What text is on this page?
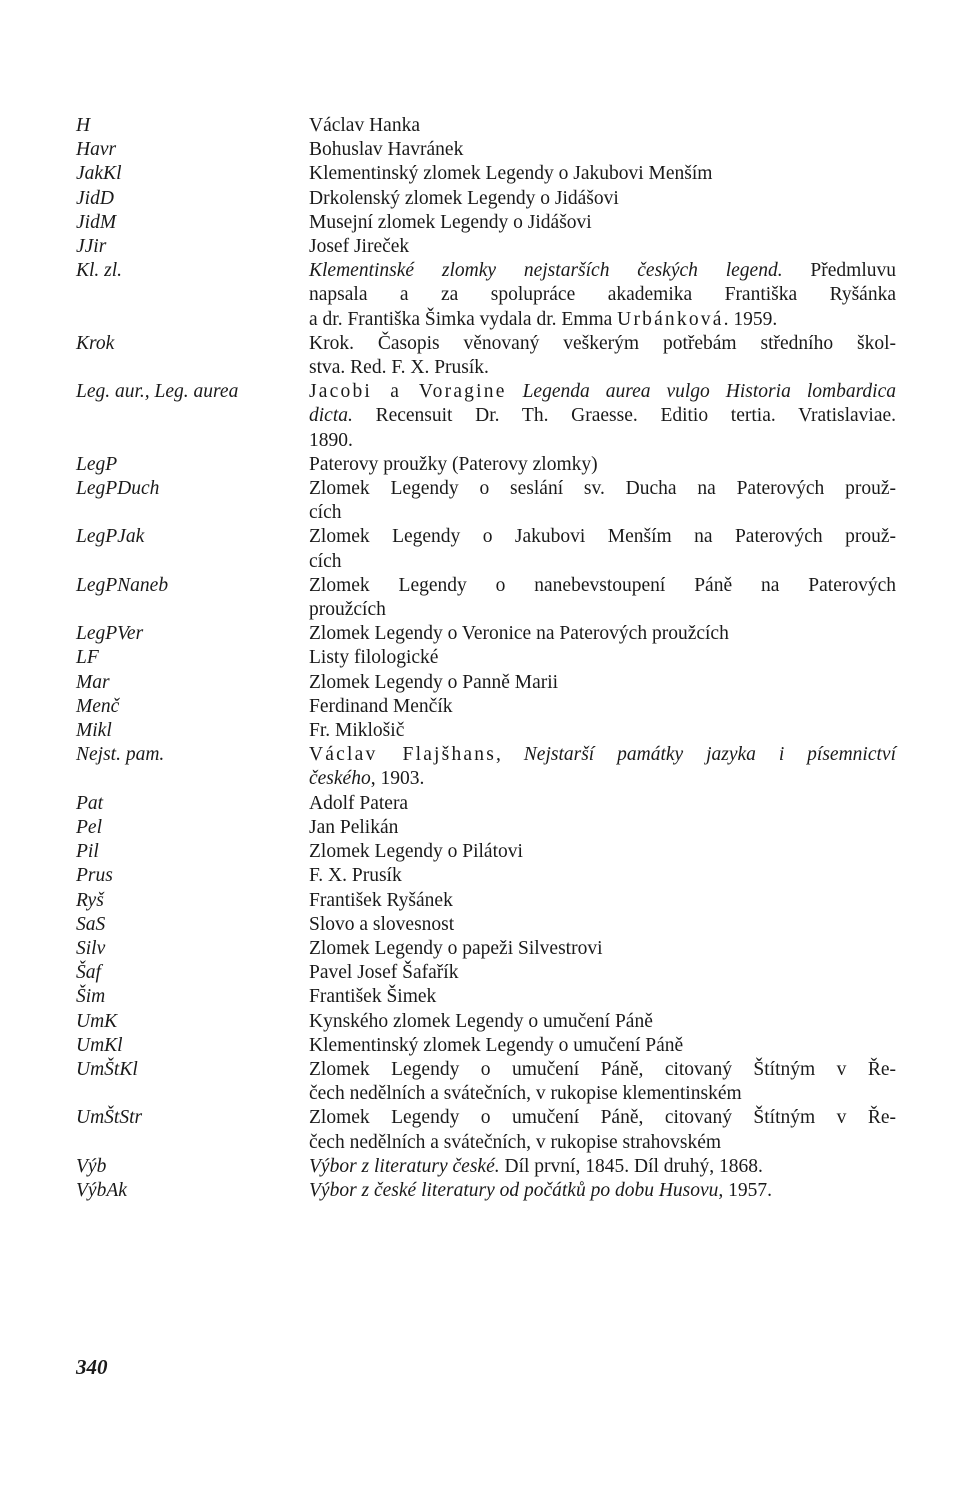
H	Václav Hanka
Havr	Bohuslav Havránek
JakKl	Klementinský zlomek Legendy o Jakubovi Menším
JidD	Drkolenský zlomek Legendy o Jidášovi
JidM	Musejní zlomek Legendy o Jidášovi
JJir	Josef Jireček
Kl. zl.	Klementinské zlomky nejstarších českých legend. Předmluvu
napsala a za spolupráce akademika Františka Ryšánka
a dr. Františka Šimka vydala dr. Emma Urbánková. 1959.
Krok	Krok. Časopis věnovaný veškerým potřebám středního škol-
stva. Red. F. X. Prusík.
Leg. aur., Leg. aurea	Jacobi a Voragine Legenda aurea vulgo Historia lombardica
dicta. Recensuit Dr. Th. Graesse. Editio tertia. Vratislaviae.
1890.
LegP	Paterovy proužky (Paterovy zlomky)
LegPDuch	Zlomek Legendy o seslání sv. Ducha na Paterových prouž-
cích
LegPJak	Zlomek Legendy o Jakubovi Menším na Paterových prouž-
cích
LegPNaneb	Zlomek Legendy o nanebevstoupení Páně na Paterových
proužcích
LegPVer	Zlomek Legendy o Veronice na Paterových proužcích
LF	Listy filologické
Mar	Zlomek Legendy o Panně Marii
Menč	Ferdinand Menčík
Mikl	Fr. Miklošič
Nejst. pam.	Václav Flajšhans, Nejstarší památky jazyka i písemnictví
českého, 1903.
Pat	Adolf Patera
Pel	Jan Pelikán
Pil	Zlomek Legendy o Pilátovi
Prus	F. X. Prusík
Ryš	František Ryšánek
SaS	Slovo a slovesnost
Silv	Zlomek Legendy o papeži Silvestrovi
Šaf	Pavel Josef Šafařík
Šim	František Šimek
UmK	Kynského zlomek Legendy o umučení Páně
UmKl	Klementinský zlomek Legendy o umučení Páně
UmŠtKl	Zlomek Legendy o umučení Páně, citovaný Štítným v Ře-
čech nedělních a svátečních, v rukopise klementinském
UmŠtStr	Zlomek Legendy o umučení Páně, citovaný Štítným v Ře-
čech nedělních a svátečních, v rukopise strahovském
Výb	Výbor z literatury české. Díl první, 1845. Díl druhý, 1868.
VýbAk	Výbor z české literatury od počátků po dobu Husovu, 1957.
340
